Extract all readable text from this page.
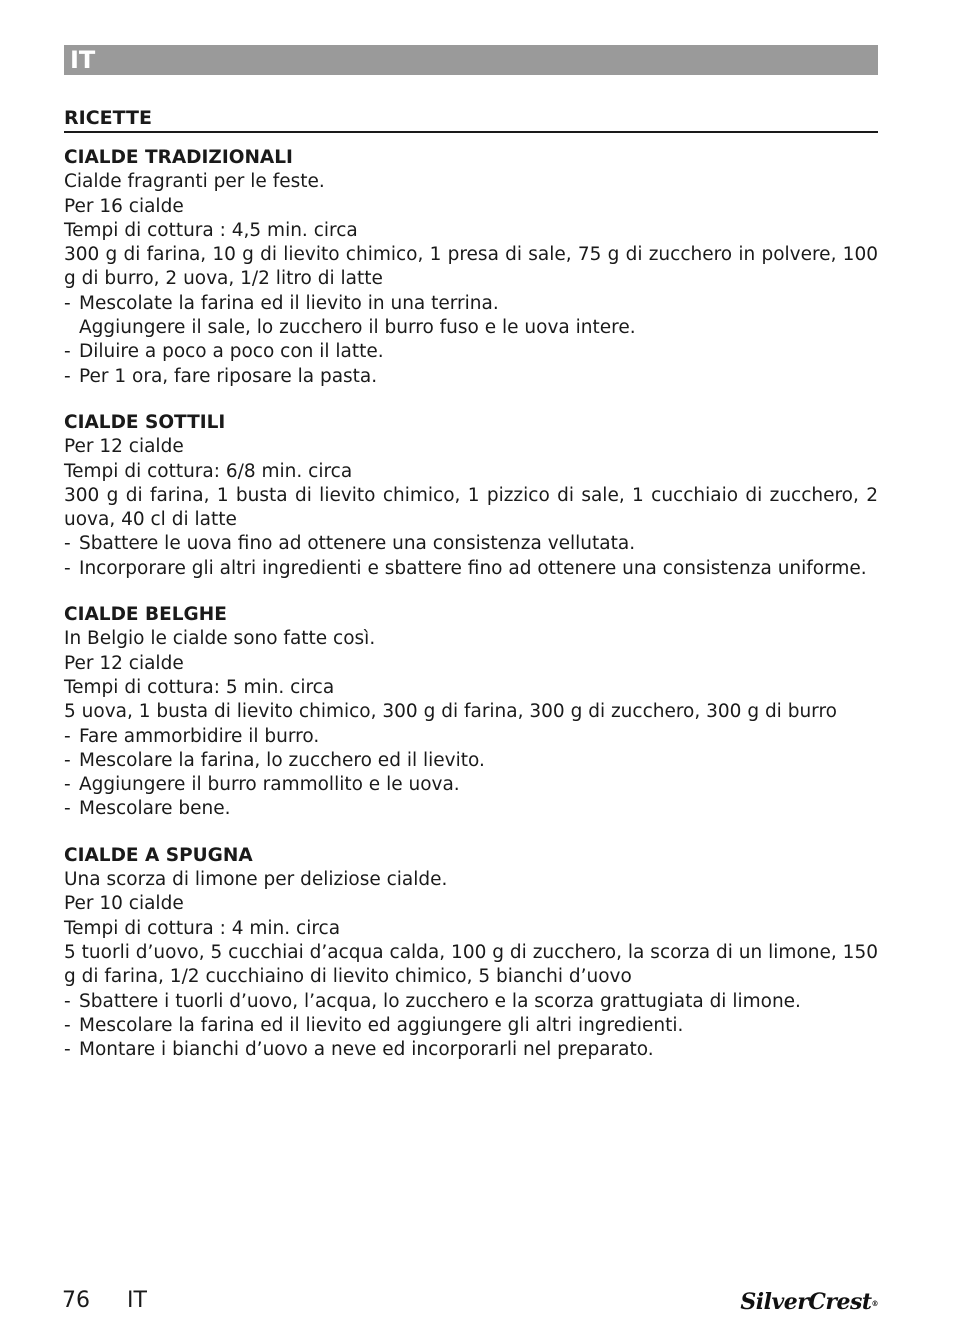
IT
RICETTE
CIALDE TRADIZIONALI

Cialde fragranti per le feste.

Per 16 cialde

Tempi di cottura : 4,5 min. circa

300 g di farina, 10 g di lievito chimico, 1 presa di sale, 75 g di zucchero in polvere, 100 g di burro, 2 uova, 1/2 litro di latte

- Mescolate la farina ed il lievito in una terrina.
Aggiungere il sale, lo zucchero il burro fuso e le uova intere.
- Diluire a poco a poco con il latte.
- Per 1 ora, fare riposare la pasta.
CIALDE SOTTILI

Per 12 cialde

Tempi di cottura: 6/8 min. circa

300 g di farina, 1 busta di lievito chimico, 1 pizzico di sale, 1 cucchiaio di zucchero, 2 uova, 40 cl di latte

- Sbattere le uova fino ad ottenere una consistenza vellutata.
- Incorporare gli altri ingredienti e sbattere fino ad ottenere una consistenza uniforme.
CIALDE BELGHE

In Belgio le cialde sono fatte così.

Per 12 cialde

Tempi di cottura: 5 min. circa

5 uova, 1 busta di lievito chimico, 300 g di farina, 300 g di zucchero, 300 g di burro

- Fare ammorbidire il burro.
- Mescolare la farina, lo zucchero ed il lievito.
- Aggiungere il burro rammollito e le uova.
- Mescolare bene.
CIALDE A SPUGNA

Una scorza di limone per deliziose cialde.

Per 10 cialde

Tempi di cottura : 4 min. circa

5 tuorli d’uovo, 5 cucchiai d’acqua calda, 100 g di zucchero, la scorza di un limone, 150 g di farina, 1/2 cucchiaino di lievito chimico, 5 bianchi d’uovo

- Sbattere i tuorli d’uovo, l’acqua, lo zucchero e la scorza grattugiata di limone.
- Mescolare la farina ed il lievito ed aggiungere gli altri ingredienti.
- Montare i bianchi d’uovo a neve ed incorporarli nel preparato.
76 IT	SilverCrest®
